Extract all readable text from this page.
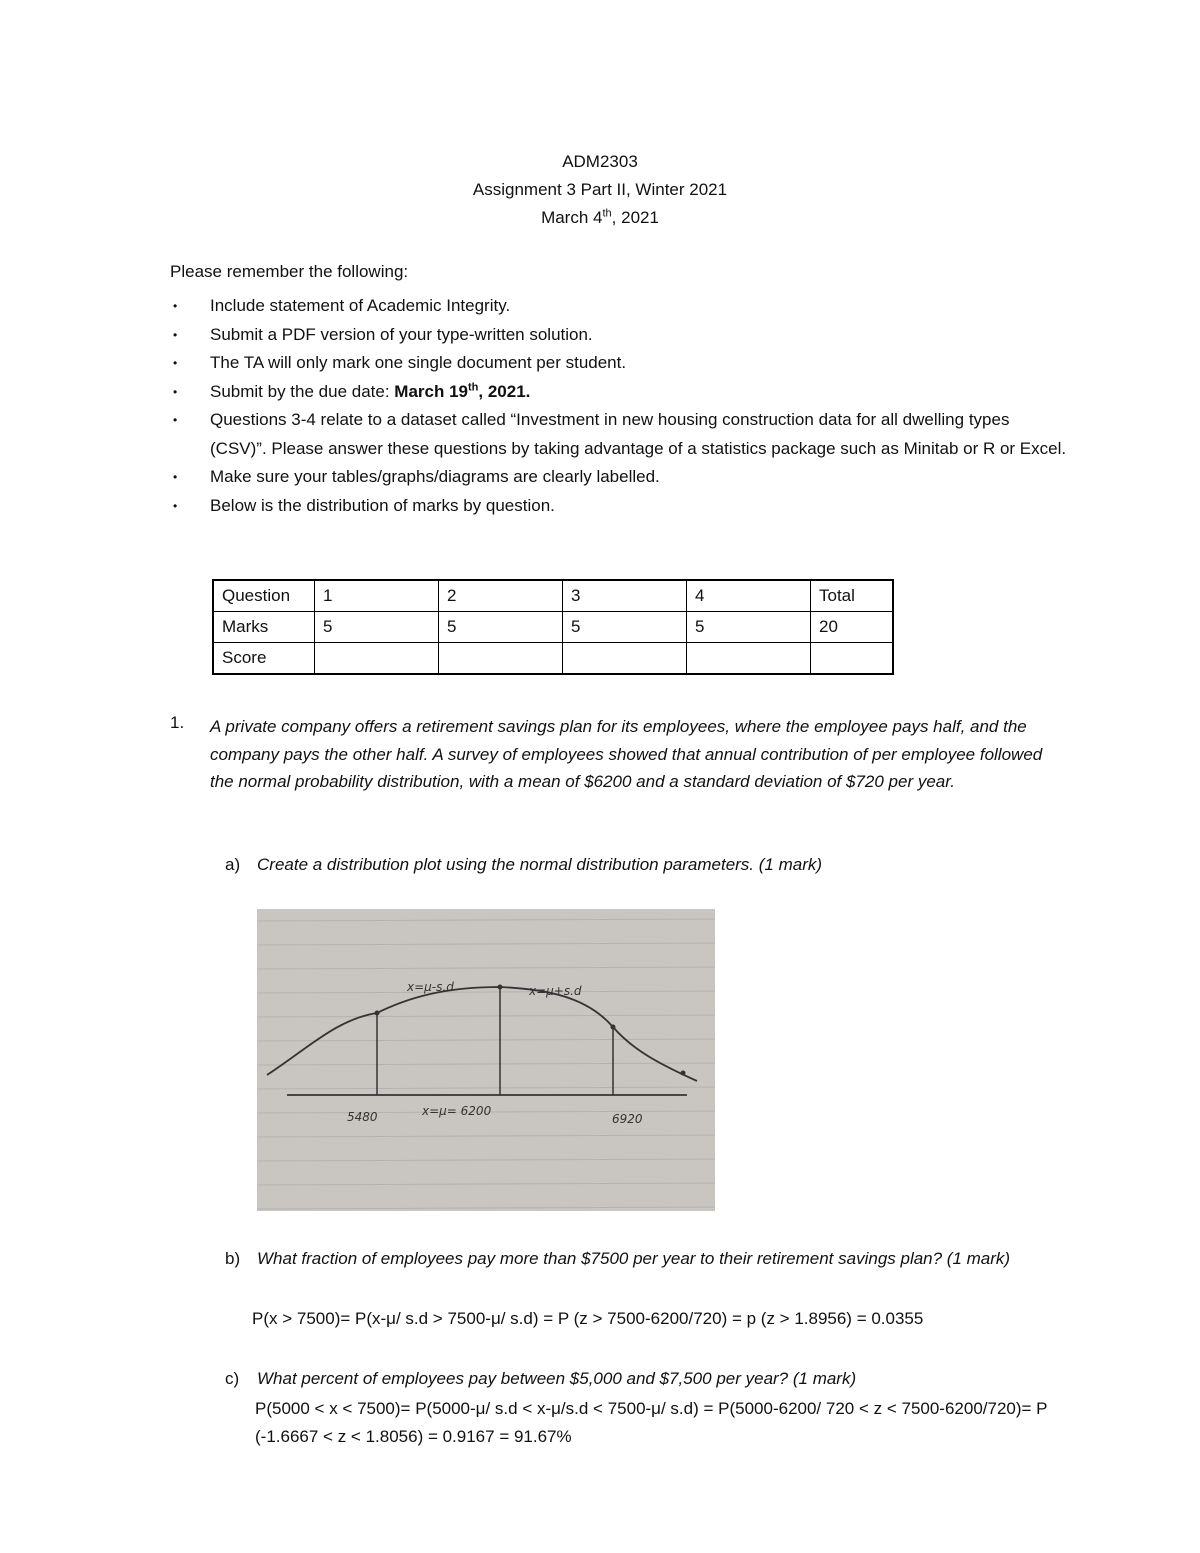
ADM2303
Assignment 3 Part II, Winter 2021
March 4th, 2021
Please remember the following:
• Include statement of Academic Integrity.
• Submit a PDF version of your type-written solution.
• The TA will only mark one single document per student.
• Submit by the due date: March 19th, 2021.
• Questions 3-4 relate to a dataset called “Investment in new housing construction data for all dwelling types (CSV)”. Please answer these questions by taking advantage of a statistics package such as Minitab or R or Excel.
• Make sure your tables/graphs/diagrams are clearly labelled.
• Below is the distribution of marks by question.
Question	1	2	3	4	Total
Marks	5	5	5	5	20
Score					
1. A private company offers a retirement savings plan for its employees, where the employee pays half, and the company pays the other half. A survey of employees showed that annual contribution of per employee followed the normal probability distribution, with a mean of $6200 and a standard deviation of $720 per year.
a) Create a distribution plot using the normal distribution parameters. (1 mark)
x=μ-s.d	x=μ+s.d
5480	x=μ= 6200
6920
b) What fraction of employees pay more than $7500 per year to their retirement savings plan? (1 mark)
P(x > 7500)= P(x-μ/ s.d > 7500-μ/ s.d) = P (z > 7500-6200/720) = p (z > 1.8956) = 0.0355
c) What percent of employees pay between $5,000 and $7,500 per year? (1 mark)
P(5000 < x < 7500)= P(5000-μ/ s.d < x-μ/s.d < 7500-μ/ s.d) = P(5000-6200/ 720 < z < 7500-6200/720)= P (-1.6667 < z < 1.8056) = 0.9167 = 91.67%
